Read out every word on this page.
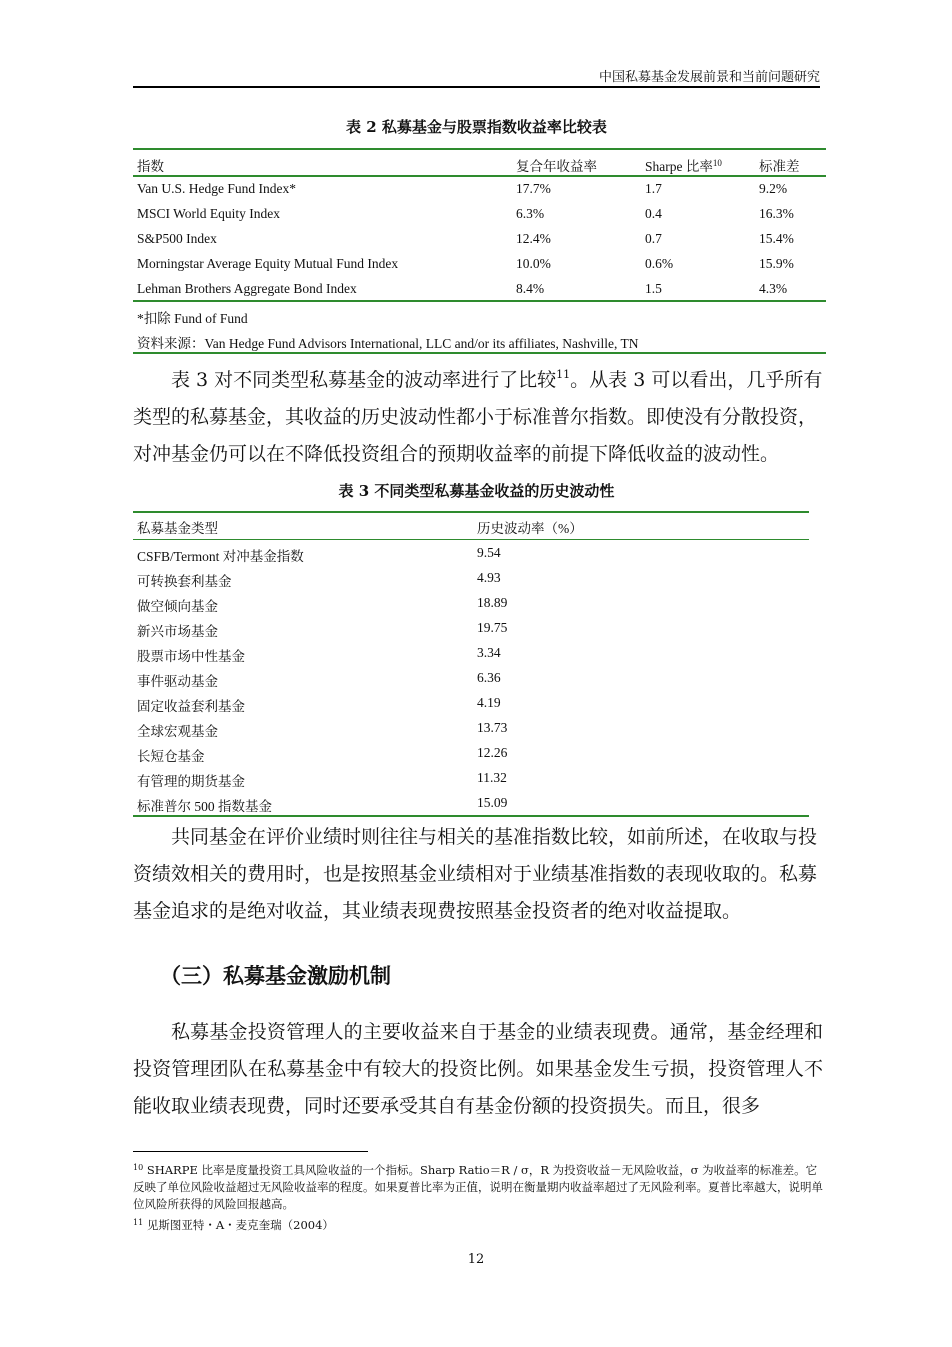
中国私募基金发展前景和当前问题研究
表 2 私募基金与股票指数收益率比较表
指数	复合年收益率	Sharpe 比率$^{10}$	标准差
Van U.S. Hedge Fund Index*	17.7%	1.7	9.2%
MSCI World Equity Index	6.3%	0.4	16.3%
S&P500 Index	12.4%	0.7	15.4%
Morningstar Average Equity Mutual Fund Index	10.0%	0.6%	15.9%
Lehman Brothers Aggregate Bond Index	8.4%	1.5	4.3%
*扣除 Fund of Fund
资料来源：Van Hedge Fund Advisors International, LLC and/or its affiliates, Nashville, TN

表 3 对不同类型私募基金的波动率进行了比较$^{11}$。从表 3 可以看出，几乎所有类型的私募基金，其收益的历史波动性都小于标准普尔指数。即使没有分散投资，对冲基金仍可以在不降低投资组合的预期收益率的前提下降低收益的波动性。

表 3 不同类型私募基金收益的历史波动性
私募基金类型	历史波动率（%）
CSFB/Termont 对冲基金指数	9.54
可转换套利基金	4.93
做空倾向基金	18.89
新兴市场基金	19.75
股票市场中性基金	3.34
事件驱动基金	6.36
固定收益套利基金	4.19
全球宏观基金	13.73
长短仓基金	12.26
有管理的期货基金	11.32
标准普尔 500 指数基金	15.09

共同基金在评价业绩时则往往与相关的基准指数比较，如前所述，在收取与投资绩效相关的费用时，也是按照基金业绩相对于业绩基准指数的表现收取的。私募基金追求的是绝对收益，其业绩表现费按照基金投资者的绝对收益提取。

（三）私募基金激励机制

私募基金投资管理人的主要收益来自于基金的业绩表现费。通常，基金经理和投资管理团队在私募基金中有较大的投资比例。如果基金发生亏损，投资管理人不能收取业绩表现费，同时还要承受其自有基金份额的投资损失。而且，很多

$^{10}$ SHARPE 比率是度量投资工具风险收益的一个指标。Sharp Ratio＝R / σ，R 为投资收益－无风险收益，σ 为收益率的标准差。它反映了单位风险收益超过无风险收益率的程度。如果夏普比率为正值，说明在衡量期内收益率超过了无风险利率。夏普比率越大，说明单位风险所获得的风险回报越高。
$^{11}$ 见斯图亚特・A・麦克奎瑞（2004）
12
